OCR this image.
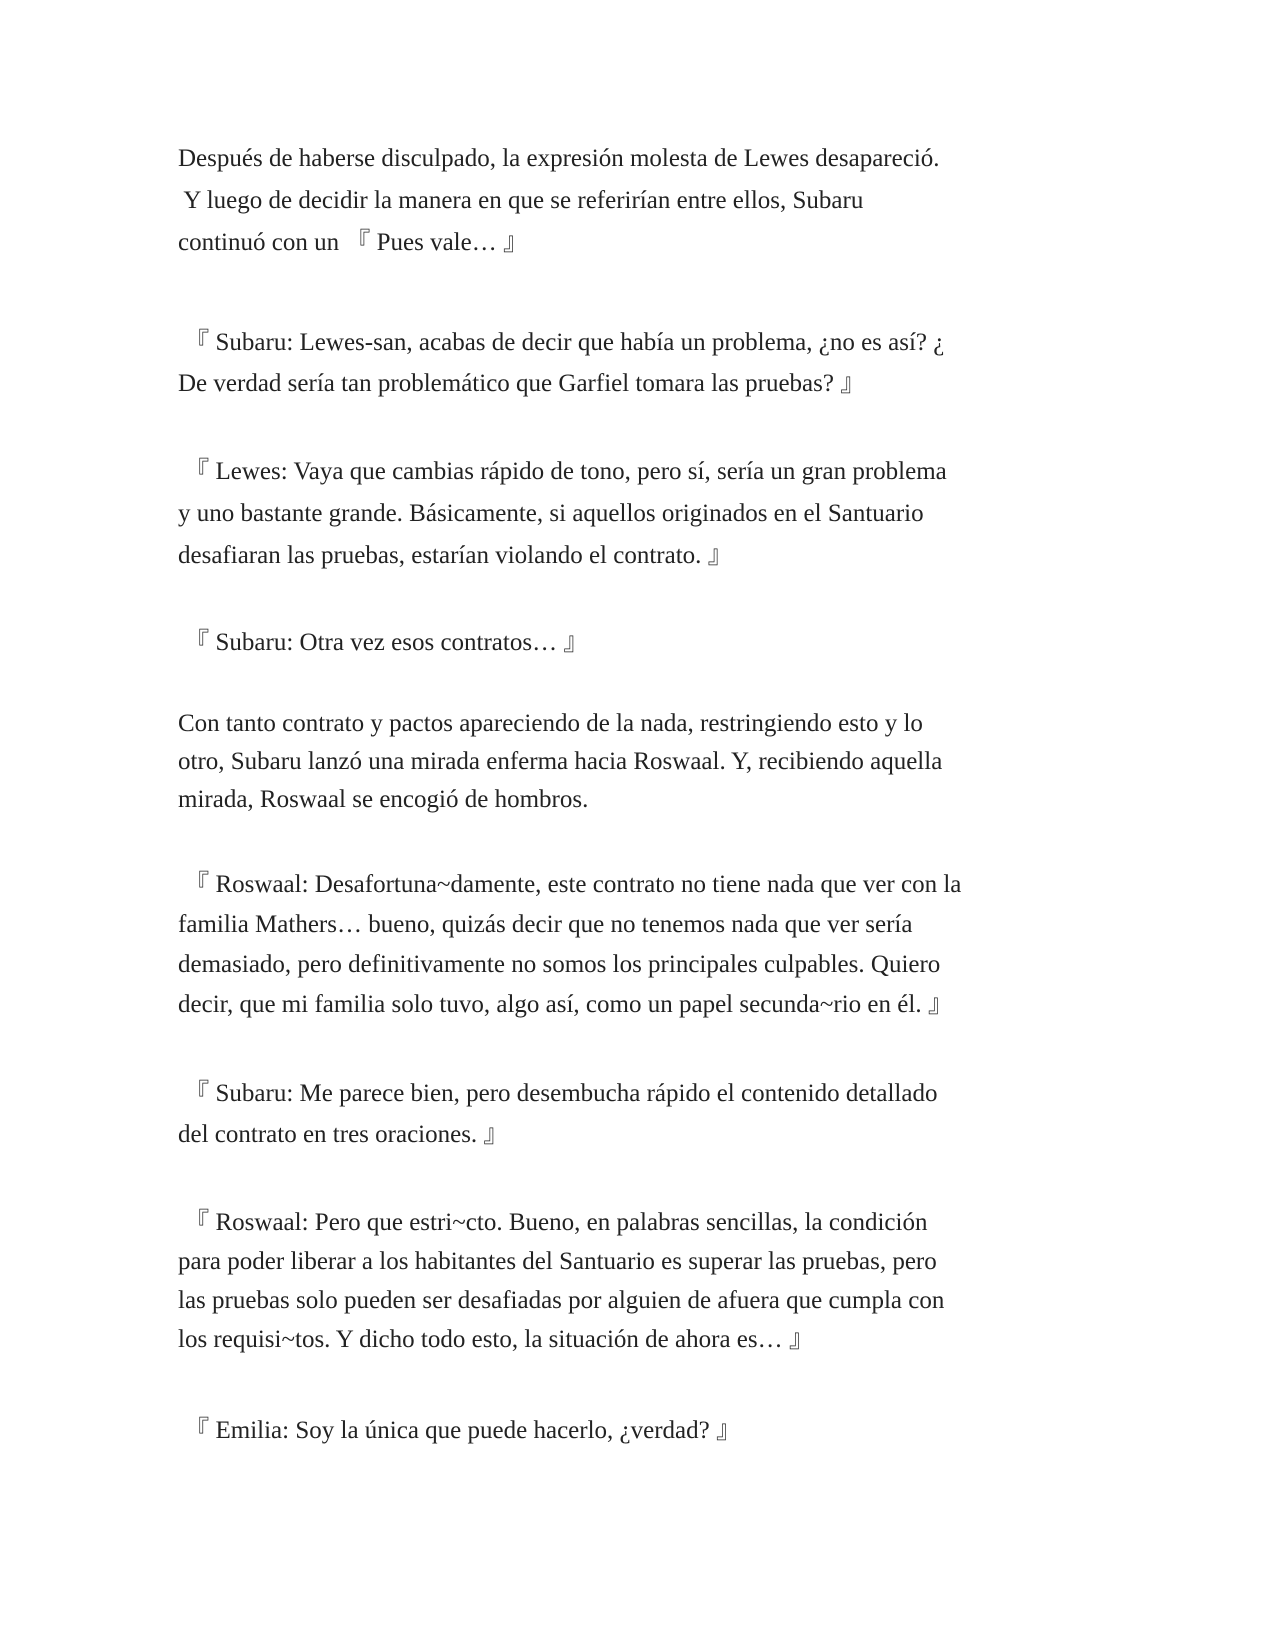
Después de haberse disculpado, la expresión molesta de Lewes desapareció.
Y luego de decidir la manera en que se referirían entre ellos, Subaru
continuó con un 『 Pues vale… 』
『 Subaru: Lewes-san, acabas de decir que había un problema, ¿no es así? ¿
De verdad sería tan problemático que Garfiel tomara las pruebas? 』
『 Lewes: Vaya que cambias rápido de tono, pero sí, sería un gran problema
y uno bastante grande. Básicamente, si aquellos originados en el Santuario
desafiaran las pruebas, estarían violando el contrato. 』
『 Subaru: Otra vez esos contratos… 』
Con tanto contrato y pactos apareciendo de la nada, restringiendo esto y lo
otro, Subaru lanzó una mirada enferma hacia Roswaal. Y, recibiendo aquella
mirada, Roswaal se encogió de hombros.
『 Roswaal: Desafortuna~damente, este contrato no tiene nada que ver con la
familia Mathers… bueno, quizás decir que no tenemos nada que ver sería
demasiado, pero definitivamente no somos los principales culpables. Quiero
decir, que mi familia solo tuvo, algo así, como un papel secunda~rio en él. 』
『 Subaru: Me parece bien, pero desembucha rápido el contenido detallado
del contrato en tres oraciones. 』
『 Roswaal: Pero que estri~cto. Bueno, en palabras sencillas, la condición
para poder liberar a los habitantes del Santuario es superar las pruebas, pero
las pruebas solo pueden ser desafiadas por alguien de afuera que cumpla con
los requisi~tos. Y dicho todo esto, la situación de ahora es… 』
『 Emilia: Soy la única que puede hacerlo, ¿verdad? 』
